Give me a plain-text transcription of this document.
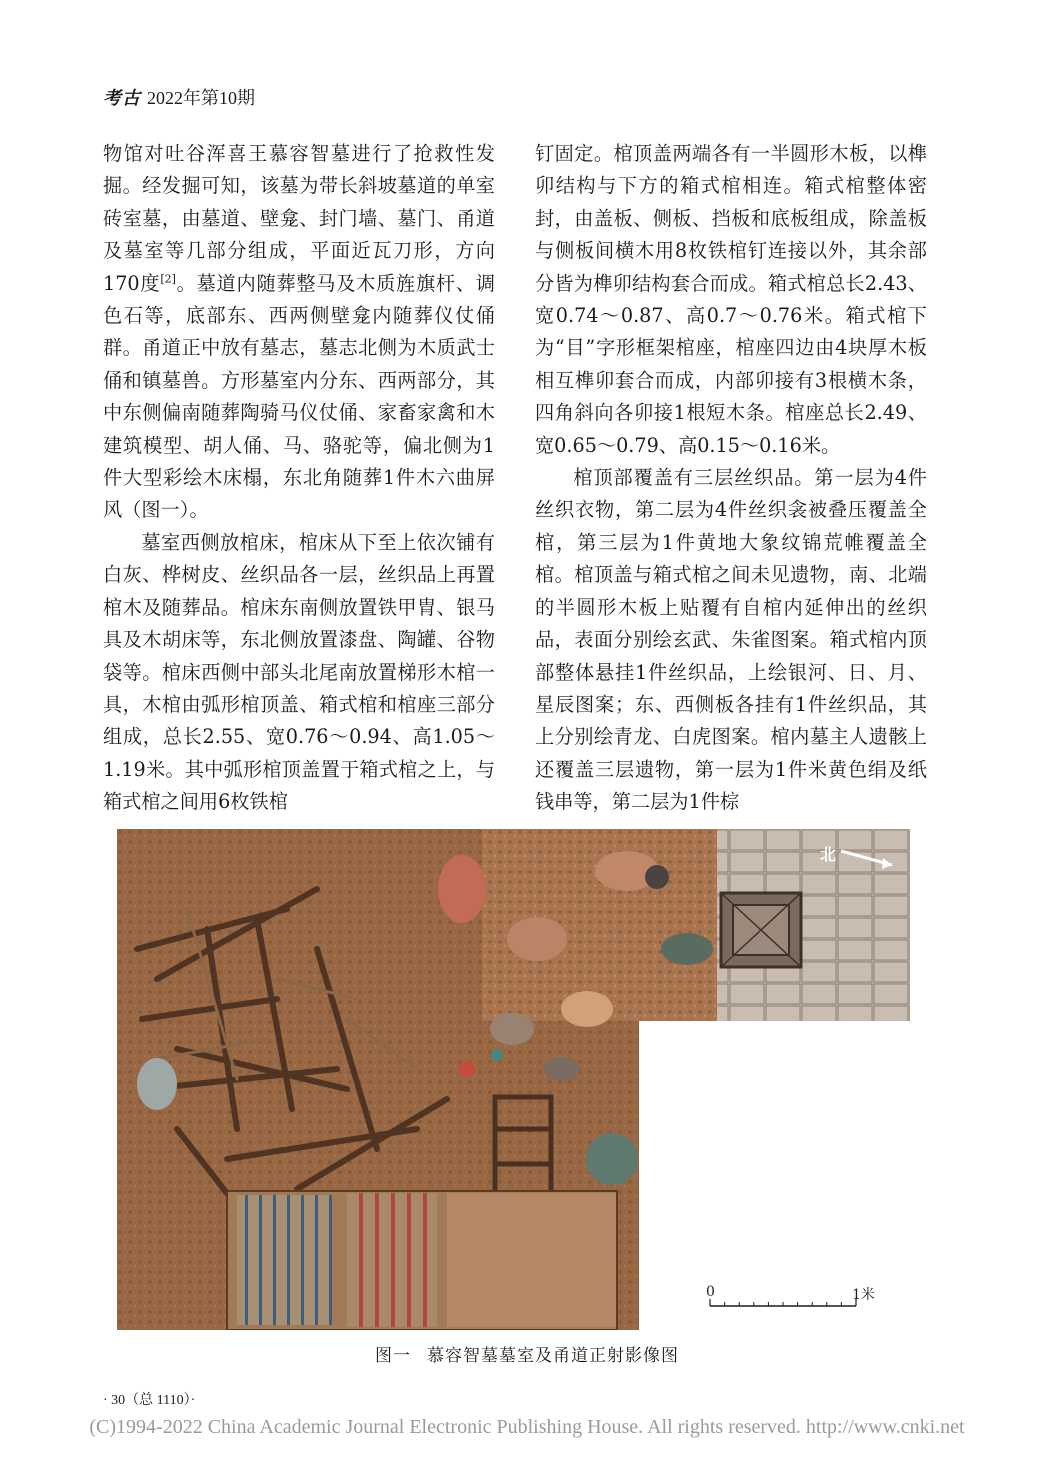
考古 2022年第10期

物馆对吐谷浑喜王慕容智墓进行了抢救性发掘。经发掘可知，该墓为带长斜坡墓道的单室砖室墓，由墓道、壁龛、封门墙、墓门、甬道及墓室等几部分组成，平面近瓦刀形，方向170度[2]。墓道内随葬整马及木质旌旗杆、调色石等，底部东、西两侧壁龛内随葬仪仗俑群。甬道正中放有墓志，墓志北侧为木质武士俑和镇墓兽。方形墓室内分东、西两部分，其中东侧偏南随葬陶骑马仪仗俑、家畜家禽和木建筑模型、胡人俑、马、骆驼等，偏北侧为1件大型彩绘木床榻，东北角随葬1件木六曲屏风（图一）。

墓室西侧放棺床，棺床从下至上依次铺有白灰、桦树皮、丝织品各一层，丝织品上再置棺木及随葬品。棺床东南侧放置铁甲胄、银马具及木胡床等，东北侧放置漆盘、陶罐、谷物袋等。棺床西侧中部头北尾南放置梯形木棺一具，木棺由弧形棺顶盖、箱式棺和棺座三部分组成，总长2.55、宽0.76～0.94、高1.05～1.19米。其中弧形棺顶盖置于箱式棺之上，与箱式棺之间用6枚铁棺

钉固定。棺顶盖两端各有一半圆形木板，以榫卯结构与下方的箱式棺相连。箱式棺整体密封，由盖板、侧板、挡板和底板组成，除盖板与侧板间横木用8枚铁棺钉连接以外，其余部分皆为榫卯结构套合而成。箱式棺总长2.43、宽0.74～0.87、高0.7～0.76米。箱式棺下为“目”字形框架棺座，棺座四边由4块厚木板相互榫卯套合而成，内部卯接有3根横木条，四角斜向各卯接1根短木条。棺座总长2.49、宽0.65～0.79、高0.15～0.16米。

棺顶部覆盖有三层丝织品。第一层为4件丝织衣物，第二层为4件丝织衾被叠压覆盖全棺，第三层为1件黄地大象纹锦荒帷覆盖全棺。棺顶盖与箱式棺之间未见遗物，南、北端的半圆形木板上贴覆有自棺内延伸出的丝织品，表面分别绘玄武、朱雀图案。箱式棺内顶部整体悬挂1件丝织品，上绘银河、日、月、星辰图案；东、西侧板各挂有1件丝织品，其上分别绘青龙、白虎图案。棺内墓主人遗骸上还覆盖三层遗物，第一层为1件米黄色绢及纸钱串等，第二层为1件棕

北
0	1米
图一 慕容智墓墓室及甬道正射影像图
· 30（总 1110）·
(C)1994-2022 China Academic Journal Electronic Publishing House. All rights reserved. http://www.cnki.net
